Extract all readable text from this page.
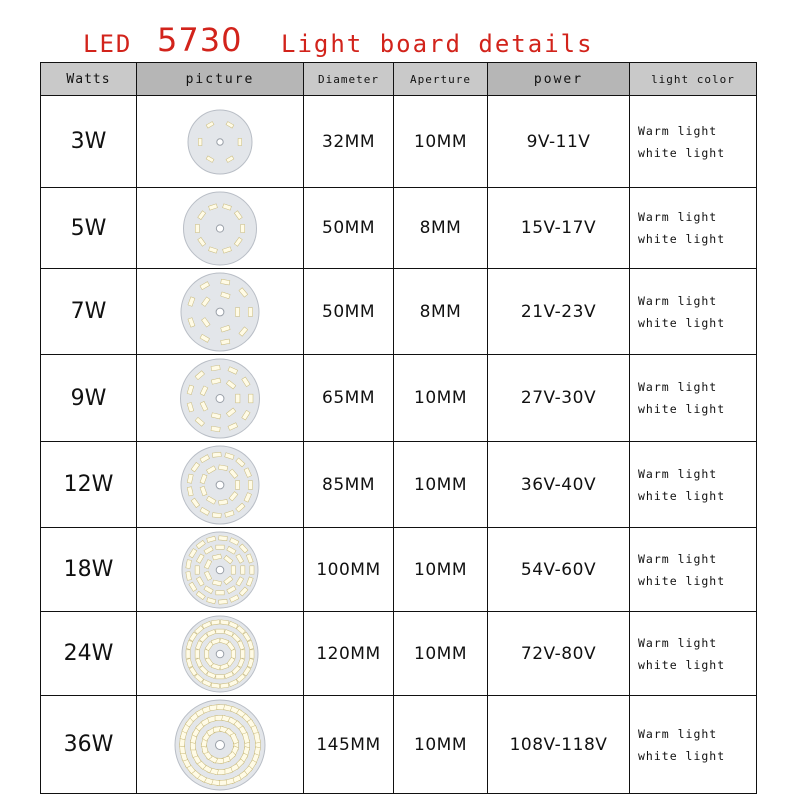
LED 5730 Light board details
Watts	picture	Diameter	Aperture	power	light color
3W		32MM	10MM	9V-11V	Warm light
white light

5W		50MM	8MM	15V-17V	Warm light
white light

7W		50MM	8MM	21V-23V	Warm light
white light

9W		65MM	10MM	27V-30V	Warm light
white light

12W		85MM	10MM	36V-40V	Warm light
white light

18W		100MM	10MM	54V-60V	Warm light
white light

24W		120MM	10MM	72V-80V	Warm light
white light

36W		145MM	10MM	108V-118V	Warm light
white light
